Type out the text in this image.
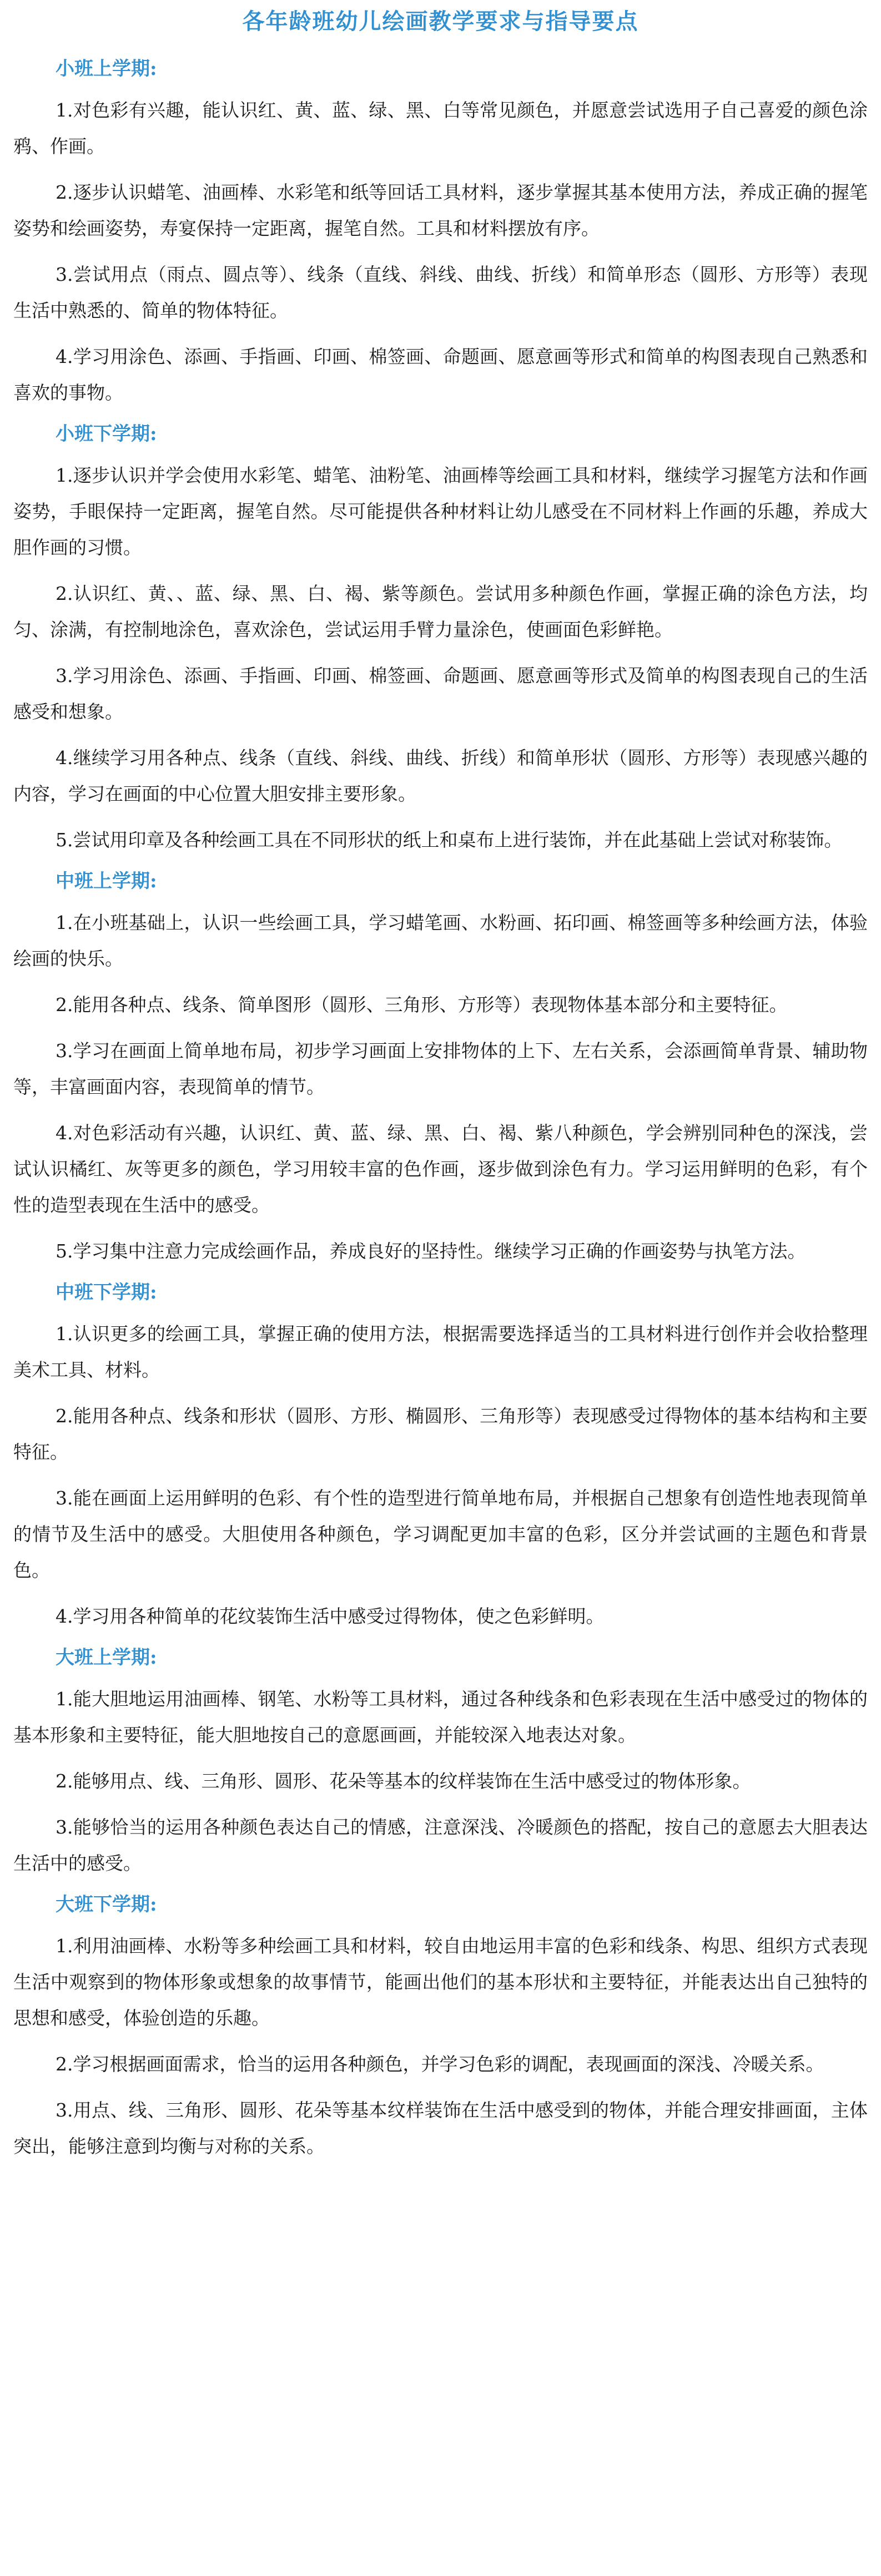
各年龄班幼儿绘画教学要求与指导要点
小班上学期:

1.对色彩有兴趣，能认识红、黄、蓝、绿、黑、白等常见颜色，并愿意尝试选用子自己喜爱的颜色涂鸦、作画。

2.逐步认识蜡笔、油画棒、水彩笔和纸等回话工具材料，逐步掌握其基本使用方法，养成正确的握笔姿势和绘画姿势，寿宴保持一定距离，握笔自然。工具和材料摆放有序。

3.尝试用点（雨点、圆点等）、线条（直线、斜线、曲线、折线）和简单形态（圆形、方形等）表现生活中熟悉的、简单的物体特征。

4.学习用涂色、添画、手指画、印画、棉签画、命题画、愿意画等形式和简单的构图表现自己熟悉和喜欢的事物。

小班下学期:

1.逐步认识并学会使用水彩笔、蜡笔、油粉笔、油画棒等绘画工具和材料，继续学习握笔方法和作画姿势，手眼保持一定距离，握笔自然。尽可能提供各种材料让幼儿感受在不同材料上作画的乐趣，养成大胆作画的习惯。

2.认识红、黄、、蓝、绿、黑、白、褐、紫等颜色。尝试用多种颜色作画，掌握正确的涂色方法，均匀、涂满，有控制地涂色，喜欢涂色，尝试运用手臂力量涂色，使画面色彩鲜艳。

3.学习用涂色、添画、手指画、印画、棉签画、命题画、愿意画等形式及简单的构图表现自己的生活感受和想象。

4.继续学习用各种点、线条（直线、斜线、曲线、折线）和简单形状（圆形、方形等）表现感兴趣的内容，学习在画面的中心位置大胆安排主要形象。

5.尝试用印章及各种绘画工具在不同形状的纸上和桌布上进行装饰，并在此基础上尝试对称装饰。

中班上学期:

1.在小班基础上，认识一些绘画工具，学习蜡笔画、水粉画、拓印画、棉签画等多种绘画方法，体验绘画的快乐。

2.能用各种点、线条、简单图形（圆形、三角形、方形等）表现物体基本部分和主要特征。

3.学习在画面上简单地布局，初步学习画面上安排物体的上下、左右关系，会添画简单背景、辅助物等，丰富画面内容，表现简单的情节。

4.对色彩活动有兴趣，认识红、黄、蓝、绿、黑、白、褐、紫八种颜色，学会辨别同种色的深浅，尝试认识橘红、灰等更多的颜色，学习用较丰富的色作画，逐步做到涂色有力。学习运用鲜明的色彩，有个性的造型表现在生活中的感受。

5.学习集中注意力完成绘画作品，养成良好的坚持性。继续学习正确的作画姿势与执笔方法。

中班下学期:

1.认识更多的绘画工具，掌握正确的使用方法，根据需要选择适当的工具材料进行创作并会收拾整理美术工具、材料。

2.能用各种点、线条和形状（圆形、方形、椭圆形、三角形等）表现感受过得物体的基本结构和主要特征。

3.能在画面上运用鲜明的色彩、有个性的造型进行简单地布局，并根据自己想象有创造性地表现简单的情节及生活中的感受。大胆使用各种颜色，学习调配更加丰富的色彩，区分并尝试画的主题色和背景色。

4.学习用各种简单的花纹装饰生活中感受过得物体，使之色彩鲜明。

大班上学期:

1.能大胆地运用油画棒、钢笔、水粉等工具材料，通过各种线条和色彩表现在生活中感受过的物体的基本形象和主要特征，能大胆地按自己的意愿画画，并能较深入地表达对象。

2.能够用点、线、三角形、圆形、花朵等基本的纹样装饰在生活中感受过的物体形象。

3.能够恰当的运用各种颜色表达自己的情感，注意深浅、冷暖颜色的搭配，按自己的意愿去大胆表达生活中的感受。

大班下学期:

1.利用油画棒、水粉等多种绘画工具和材料，较自由地运用丰富的色彩和线条、构思、组织方式表现生活中观察到的物体形象或想象的故事情节，能画出他们的基本形状和主要特征，并能表达出自己独特的思想和感受，体验创造的乐趣。

2.学习根据画面需求，恰当的运用各种颜色，并学习色彩的调配，表现画面的深浅、冷暖关系。

3.用点、线、三角形、圆形、花朵等基本纹样装饰在生活中感受到的物体，并能合理安排画面，主体突出，能够注意到均衡与对称的关系。
